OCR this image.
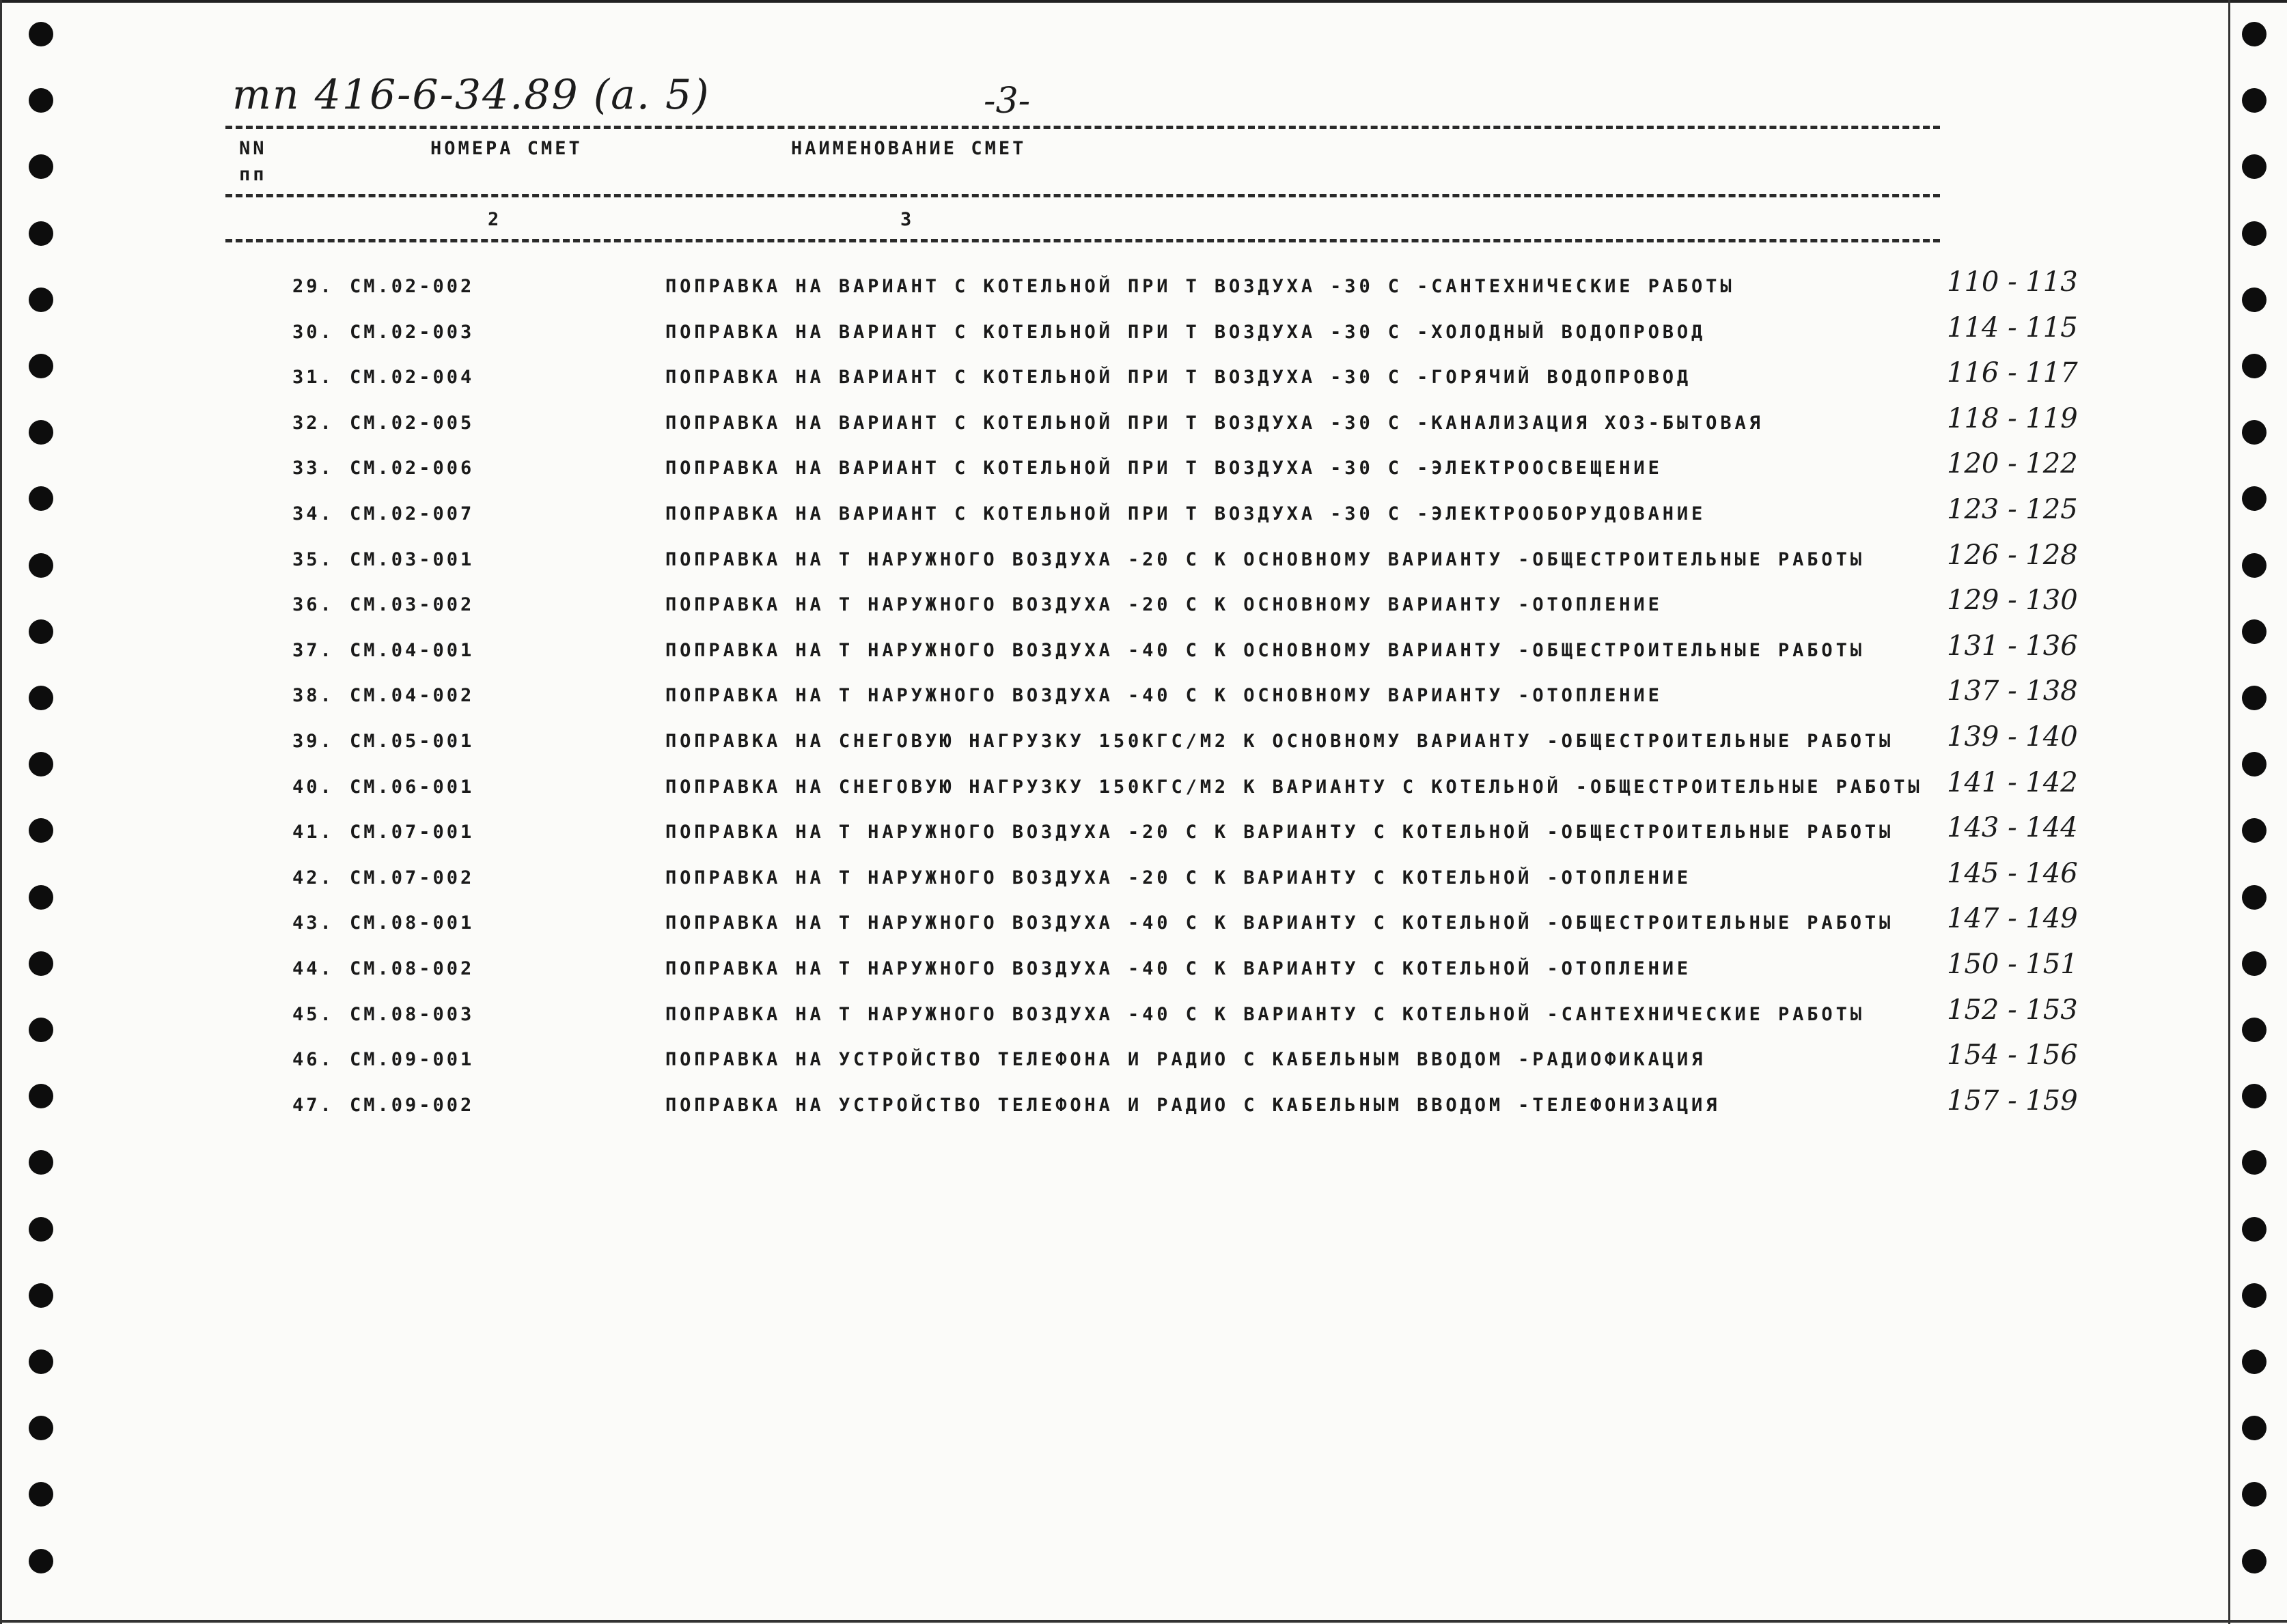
тп 416-6-34.89 (а. 5)	-3-
NN
пп
НОМЕРА СМЕТ	НАИМЕНОВАНИЕ СМЕТ
2	3
29. СМ.02-002	ПОПРАВКА НА ВАРИАНТ С КОТЕЛЬНОЙ ПРИ Т ВОЗДУХА -30 С -САНТЕХНИЧЕСКИЕ РАБОТЫ	110 - 113
30. СМ.02-003	ПОПРАВКА НА ВАРИАНТ С КОТЕЛЬНОЙ ПРИ Т ВОЗДУХА -30 С -ХОЛОДНЫЙ ВОДОПРОВОД	114 - 115
31. СМ.02-004	ПОПРАВКА НА ВАРИАНТ С КОТЕЛЬНОЙ ПРИ Т ВОЗДУХА -30 С -ГОРЯЧИЙ ВОДОПРОВОД	116 - 117
32. СМ.02-005	ПОПРАВКА НА ВАРИАНТ С КОТЕЛЬНОЙ ПРИ Т ВОЗДУХА -30 С -КАНАЛИЗАЦИЯ ХОЗ-БЫТОВАЯ	118 - 119
33. СМ.02-006	ПОПРАВКА НА ВАРИАНТ С КОТЕЛЬНОЙ ПРИ Т ВОЗДУХА -30 С -ЭЛЕКТРООСВЕЩЕНИЕ	120 - 122
34. СМ.02-007	ПОПРАВКА НА ВАРИАНТ С КОТЕЛЬНОЙ ПРИ Т ВОЗДУХА -30 С -ЭЛЕКТРООБОРУДОВАНИЕ	123 - 125
35. СМ.03-001	ПОПРАВКА НА Т НАРУЖНОГО ВОЗДУХА -20 С К ОСНОВНОМУ ВАРИАНТУ -ОБЩЕСТРОИТЕЛЬНЫЕ РАБОТЫ	126 - 128
36. СМ.03-002	ПОПРАВКА НА Т НАРУЖНОГО ВОЗДУХА -20 С К ОСНОВНОМУ ВАРИАНТУ -ОТОПЛЕНИЕ	129 - 130
37. СМ.04-001	ПОПРАВКА НА Т НАРУЖНОГО ВОЗДУХА -40 С К ОСНОВНОМУ ВАРИАНТУ -ОБЩЕСТРОИТЕЛЬНЫЕ РАБОТЫ	131 - 136
38. СМ.04-002	ПОПРАВКА НА Т НАРУЖНОГО ВОЗДУХА -40 С К ОСНОВНОМУ ВАРИАНТУ -ОТОПЛЕНИЕ	137 - 138
39. СМ.05-001	ПОПРАВКА НА СНЕГОВУЮ НАГРУЗКУ 150КГС/М2 К ОСНОВНОМУ ВАРИАНТУ -ОБЩЕСТРОИТЕЛЬНЫЕ РАБОТЫ 139 - 140
40. СМ.06-001	ПОПРАВКА НА СНЕГОВУЮ НАГРУЗКУ 150КГС/М2 К ВАРИАНТУ С КОТЕЛЬНОЙ -ОБЩЕСТРОИТЕЛЬНЫЕ РАБОТЫ 141 - 142
41. СМ.07-001	ПОПРАВКА НА Т НАРУЖНОГО ВОЗДУХА -20 С К ВАРИАНТУ С КОТЕЛЬНОЙ -ОБЩЕСТРОИТЕЛЬНЫЕ РАБОТЫ 143 - 144
42. СМ.07-002	ПОПРАВКА НА Т НАРУЖНОГО ВОЗДУХА -20 С К ВАРИАНТУ С КОТЕЛЬНОЙ -ОТОПЛЕНИЕ	145 - 146
43. СМ.08-001	ПОПРАВКА НА Т НАРУЖНОГО ВОЗДУХА -40 С К ВАРИАНТУ С КОТЕЛЬНОЙ -ОБЩЕСТРОИТЕЛЬНЫЕ РАБОТЫ 147 - 149
44. СМ.08-002	ПОПРАВКА НА Т НАРУЖНОГО ВОЗДУХА -40 С К ВАРИАНТУ С КОТЕЛЬНОЙ -ОТОПЛЕНИЕ	150 - 151
45. СМ.08-003	ПОПРАВКА НА Т НАРУЖНОГО ВОЗДУХА -40 С К ВАРИАНТУ С КОТЕЛЬНОЙ -САНТЕХНИЧЕСКИЕ РАБОТЫ	152 - 153
46. СМ.09-001	ПОПРАВКА НА УСТРОЙСТВО ТЕЛЕФОНА И РАДИО С КАБЕЛЬНЫМ ВВОДОМ -РАДИОФИКАЦИЯ	154 - 156
47. СМ.09-002	ПОПРАВКА НА УСТРОЙСТВО ТЕЛЕФОНА И РАДИО С КАБЕЛЬНЫМ ВВОДОМ -ТЕЛЕФОНИЗАЦИЯ	157 - 159
